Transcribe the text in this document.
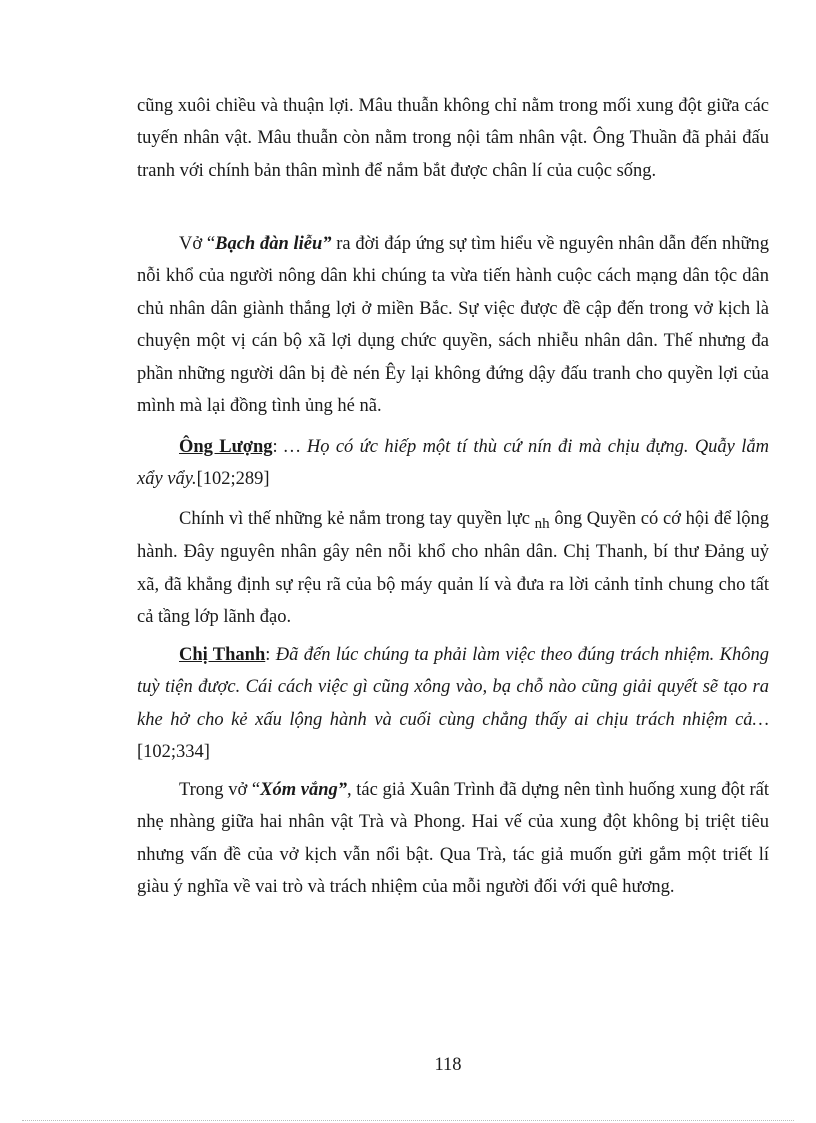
cũng xuôi chiều và thuận lợi. Mâu thuẫn không chỉ nằm trong mối xung đột giữa các tuyến nhân vật. Mâu thuẫn còn nằm trong nội tâm nhân vật. Ông Thuần đã phải đấu tranh với chính bản thân mình để nắm bắt được chân lí của cuộc sống.

Vở “Bạch đàn liễu” ra đời đáp ứng sự tìm hiểu về nguyên nhân dẫn đến những nỗi khổ của người nông dân khi chúng ta vừa tiến hành cuộc cách mạng dân tộc dân chủ nhân dân giành thắng lợi ở miền Bắc. Sự việc được đề cập đến trong vở kịch là chuyện một vị cán bộ xã lợi dụng chức quyền, sách nhiễu nhân dân. Thế nhưng đa phần những người dân bị đè nén Êy lại không đứng dậy đấu tranh cho quyền lợi của mình mà lại đồng tình ủng hé nã.

Ông Lượng: … Họ có ức hiếp một tí thù cứ nín đi mà chịu đựng. Quẫy lắm xẩy vẩy.[102;289]

Chính vì thế những kẻ nắm trong tay quyền lực $_{nh}$ ông Quyền có cớ hội để lộng hành. Đây nguyên nhân gây nên nỗi khổ cho nhân dân. Chị Thanh, bí thư Đảng uỷ xã, đã khẳng định sự rệu rã của bộ máy quản lí và đưa ra lời cảnh tỉnh chung cho tất cả tầng lớp lãnh đạo.

Chị Thanh: Đã đến lúc chúng ta phải làm việc theo đúng trách nhiệm. Không tuỳ tiện được. Cái cách việc gì cũng xông vào, bạ chỗ nào cũng giải quyết sẽ tạo ra khe hở cho kẻ xấu lộng hành và cuối cùng chẳng thấy ai chịu trách nhiệm cả… [102;334]

Trong vở “Xóm vắng”, tác giả Xuân Trình đã dựng nên tình huống xung đột rất nhẹ nhàng giữa hai nhân vật Trà và Phong. Hai vế của xung đột không bị triệt tiêu nhưng vấn đề của vở kịch vẫn nổi bật. Qua Trà, tác giả muốn gửi gắm một triết lí giàu ý nghĩa về vai trò và trách nhiệm của mỗi người đối với quê hương.

118
